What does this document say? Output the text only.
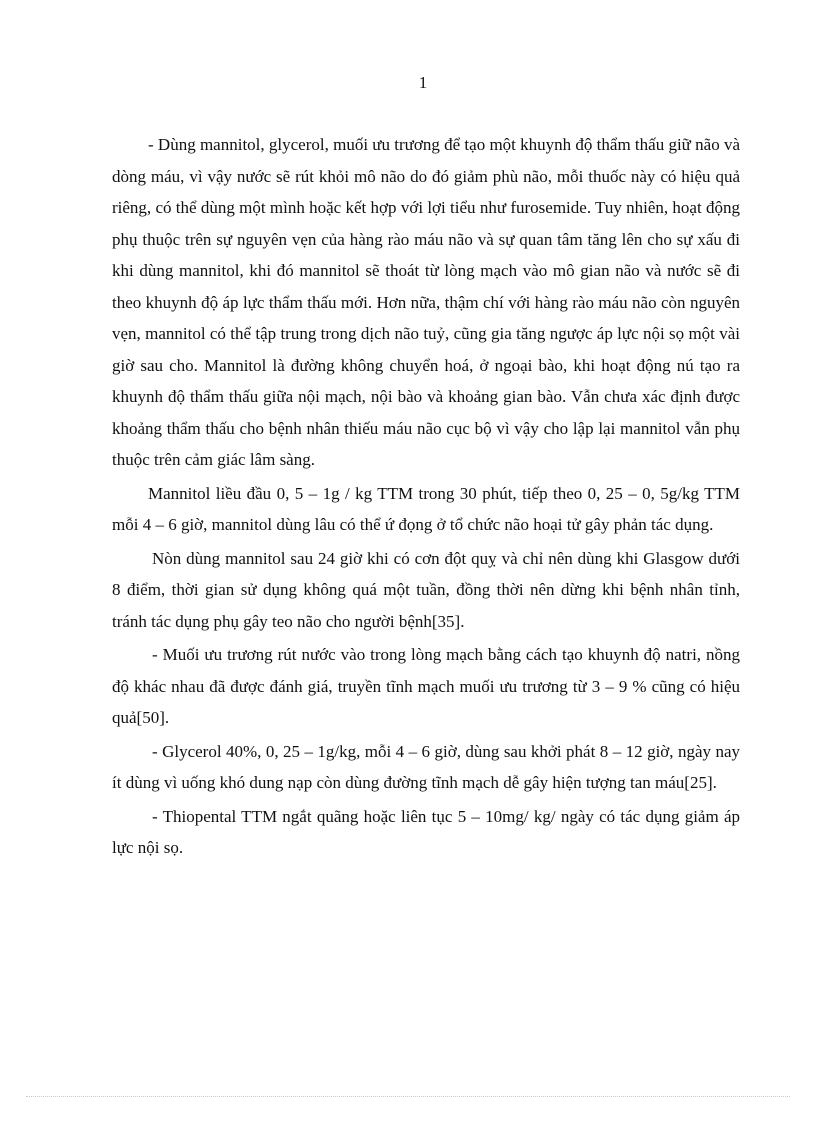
1

- Dùng mannitol, glycerol, muối ưu trương để tạo một khuynh độ thẩm thấu giữ não và dòng máu, vì vậy nước sẽ rút khỏi mô não do đó giảm phù não, mỗi thuốc này có hiệu quả riêng, có thể dùng một mình hoặc kết hợp với lợi tiểu như furosemide. Tuy nhiên, hoạt động phụ thuộc trên sự nguyên vẹn của hàng rào máu não và sự quan tâm tăng lên cho sự xấu đi khi dùng mannitol, khi đó mannitol sẽ thoát từ lòng mạch vào mô gian não và nước sẽ đi theo khuynh độ áp lực thẩm thấu mới. Hơn nữa, thậm chí với hàng rào máu não còn nguyên vẹn, mannitol có thể tập trung trong dịch não tuỷ, cũng gia tăng ngược áp lực nội sọ một vài giờ sau cho. Mannitol là đường không chuyển hoá, ở ngoại bào, khi hoạt động nú tạo ra khuynh độ thẩm thấu giữa nội mạch, nội bào và khoảng gian bào. Vẫn chưa xác định được khoảng thẩm thấu cho bệnh nhân thiếu máu não cục bộ vì vậy cho lập lại mannitol vẫn phụ thuộc trên cảm giác lâm sàng.

Mannitol liều đầu 0, 5 – 1g / kg TTM trong 30 phút, tiếp theo 0, 25 – 0, 5g/kg TTM mỗi 4 – 6 giờ, mannitol dùng lâu có thể ứ đọng ở tổ chức não hoại tử gây phản tác dụng.

Nòn dùng mannitol sau 24 giờ khi có cơn đột quỵ và chỉ nên dùng khi Glasgow dưới 8 điểm, thời gian sử dụng không quá một tuần, đồng thời nên dừng khi bệnh nhân tỉnh, tránh tác dụng phụ gây teo não cho người bệnh[35].

- Muối ưu trương rút nước vào trong lòng mạch bằng cách tạo khuynh độ natri, nồng độ khác nhau đã được đánh giá, truyền tĩnh mạch muối ưu trương từ 3 – 9 % cũng có hiệu quả[50].

- Glycerol 40%, 0, 25 – 1g/kg, mỗi 4 – 6 giờ, dùng sau khởi phát 8 – 12 giờ, ngày nay ít dùng vì uống khó dung nạp còn dùng đường tĩnh mạch dễ gây hiện tượng tan máu[25].

- Thiopental TTM ngắt quãng hoặc liên tục 5 – 10mg/ kg/ ngày có tác dụng giảm áp lực nội sọ.
